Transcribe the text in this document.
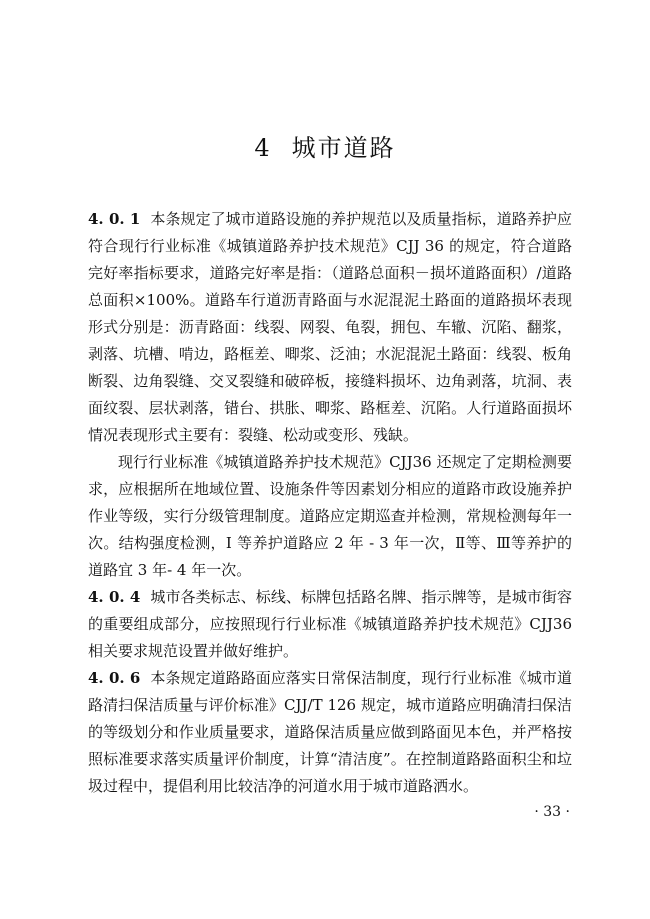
4 城市道路

4. 0. 1 本条规定了城市道路设施的养护规范以及质量指标，道路养护应符合现行行业标准《城镇道路养护技术规范》CJJ 36 的规定，符合道路完好率指标要求，道路完好率是指：（道路总面积－损坏道路面积）/道路总面积×100%。道路车行道沥青路面与水泥混泥土路面的道路损坏表现形式分别是：沥青路面：线裂、网裂、龟裂，拥包、车辙、沉陷、翻浆，剥落、坑槽、啃边，路框差、唧浆、泛油；水泥混泥土路面：线裂、板角断裂、边角裂缝、交叉裂缝和破碎板，接缝料损坏、边角剥落，坑洞、表面纹裂、层状剥落，错台、拱胀、唧浆、路框差、沉陷。人行道路面损坏情况表现形式主要有：裂缝、松动或变形、残缺。

现行行业标准《城镇道路养护技术规范》CJJ36 还规定了定期检测要求，应根据所在地域位置、设施条件等因素划分相应的道路市政设施养护作业等级，实行分级管理制度。道路应定期巡查并检测，常规检测每年一次。结构强度检测，Ⅰ 等养护道路应 2 年 - 3 年一次，Ⅱ等、Ⅲ等养护的道路宜 3 年- 4 年一次。

4. 0. 4 城市各类标志、标线、标牌包括路名牌、指示牌等，是城市街容的重要组成部分，应按照现行行业标准《城镇道路养护技术规范》CJJ36 相关要求规范设置并做好维护。

4. 0. 6 本条规定道路路面应落实日常保洁制度，现行行业标准《城市道路清扫保洁质量与评价标准》CJJ/T 126 规定，城市道路应明确清扫保洁的等级划分和作业质量要求，道路保洁质量应做到路面见本色，并严格按照标准要求落实质量评价制度，计算“清洁度”。在控制道路路面积尘和垃圾过程中，提倡利用比较洁净的河道水用于城市道路洒水。

· 33 ·
